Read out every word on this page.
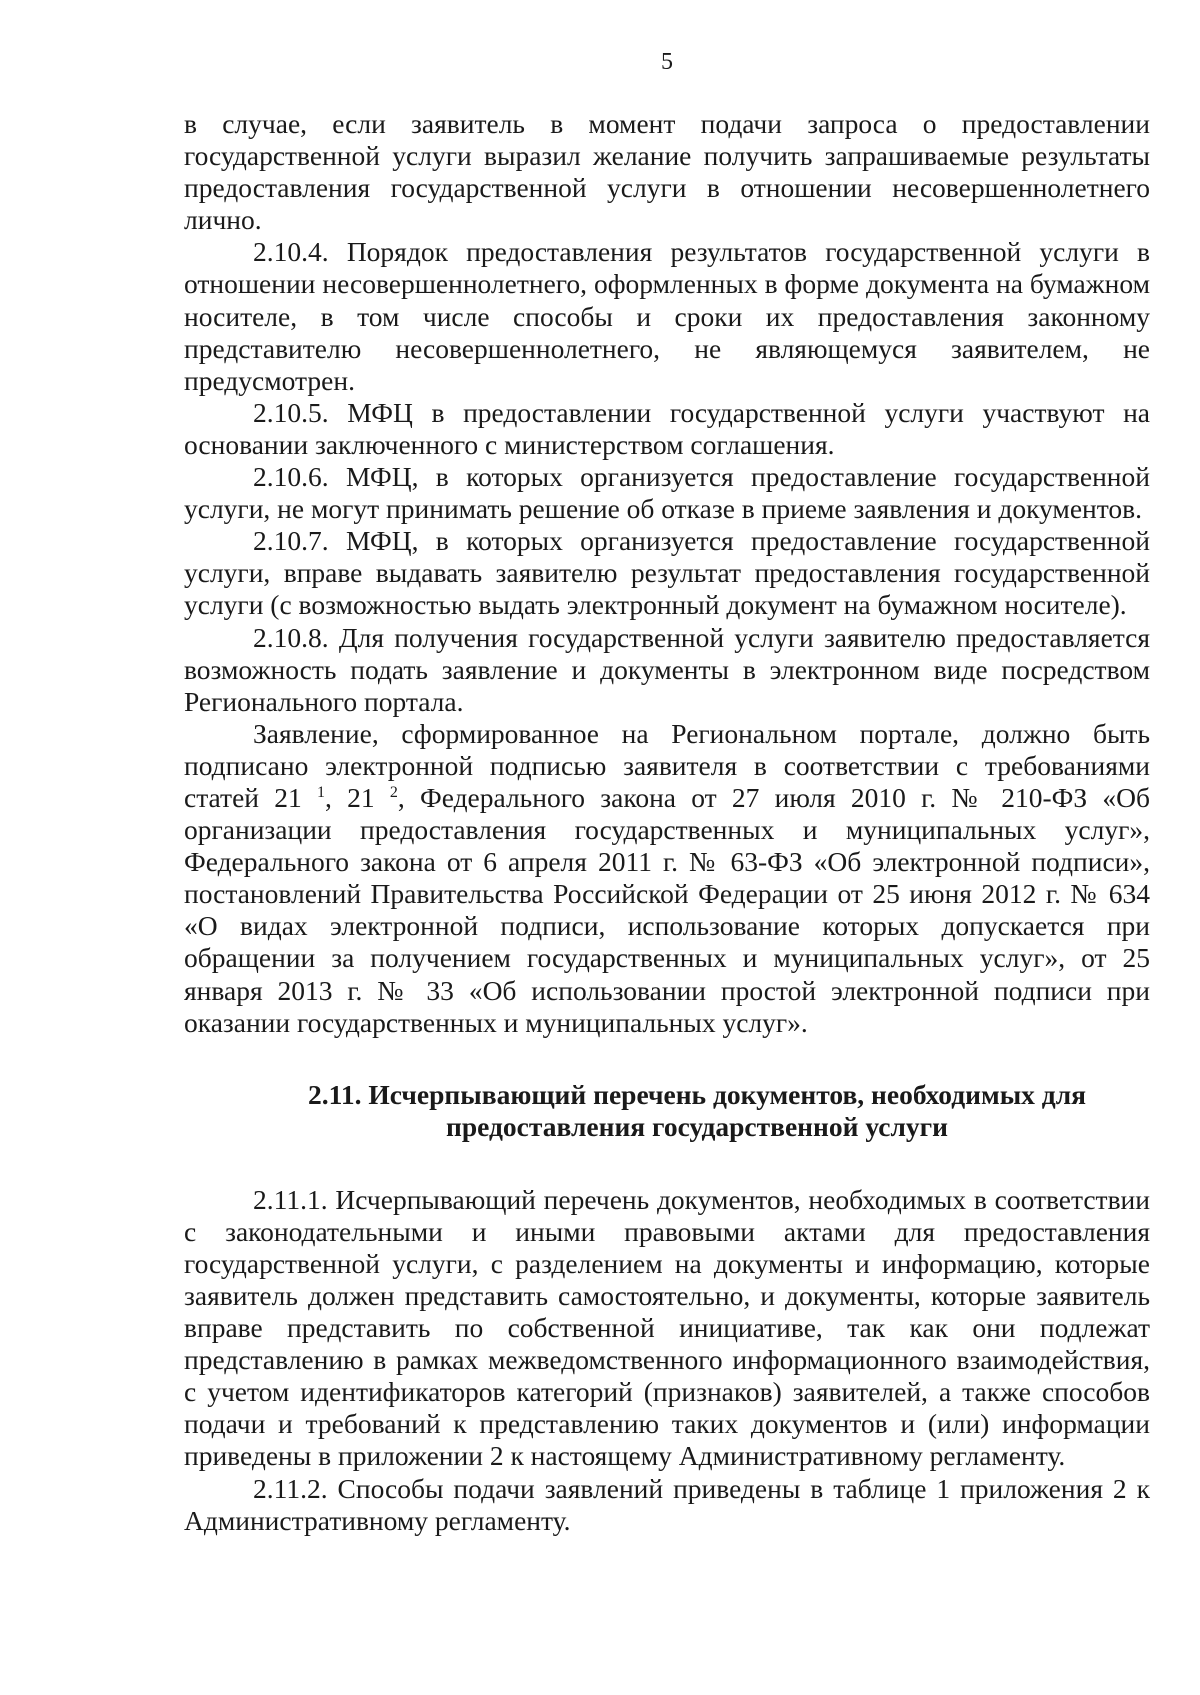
5

в случае, если заявитель в момент подачи запроса о предоставлении государственной услуги выразил желание получить запрашиваемые результаты предоставления государственной услуги в отношении несовершеннолетнего лично.

2.10.4. Порядок предоставления результатов государственной услуги в отношении несовершеннолетнего, оформленных в форме документа на бумажном носителе, в том числе способы и сроки их предоставления законному представителю несовершеннолетнего, не являющемуся заявителем, не предусмотрен.

2.10.5. МФЦ в предоставлении государственной услуги участвуют на основании заключенного с министерством соглашения.

2.10.6. МФЦ, в которых организуется предоставление государственной услуги, не могут принимать решение об отказе в приеме заявления и документов.

2.10.7. МФЦ, в которых организуется предоставление государственной услуги, вправе выдавать заявителю результат предоставления государственной услуги (с возможностью выдать электронный документ на бумажном носителе).

2.10.8. Для получения государственной услуги заявителю предоставляется возможность подать заявление и документы в электронном виде посредством Регионального портала.

Заявление, сформированное на Региональном портале, должно быть подписано электронной подписью заявителя в соответствии с требованиями статей 21 $^1$, 21 $^2$, Федерального закона от 27 июля 2010 г. № 210-ФЗ «Об организации предоставления государственных и муниципальных услуг», Федерального закона от 6 апреля 2011 г. № 63-ФЗ «Об электронной подписи», постановлений Правительства Российской Федерации от 25 июня 2012 г. № 634 «О видах электронной подписи, использование которых допускается при обращении за получением государственных и муниципальных услуг», от 25 января 2013 г. № 33 «Об использовании простой электронной подписи при оказании государственных и муниципальных услуг».

2.11. Исчерпывающий перечень документов, необходимых для
предоставления государственной услуги

2.11.1. Исчерпывающий перечень документов, необходимых в соответствии с законодательными и иными правовыми актами для предоставления государственной услуги, с разделением на документы и информацию, которые заявитель должен представить самостоятельно, и документы, которые заявитель вправе представить по собственной инициативе, так как они подлежат представлению в рамках межведомственного информационного взаимодействия, с учетом идентификаторов категорий (признаков) заявителей, а также способов подачи и требований к представлению таких документов и (или) информации приведены в приложении 2 к настоящему Административному регламенту.

2.11.2. Способы подачи заявлений приведены в таблице 1 приложения 2 к Административному регламенту.
